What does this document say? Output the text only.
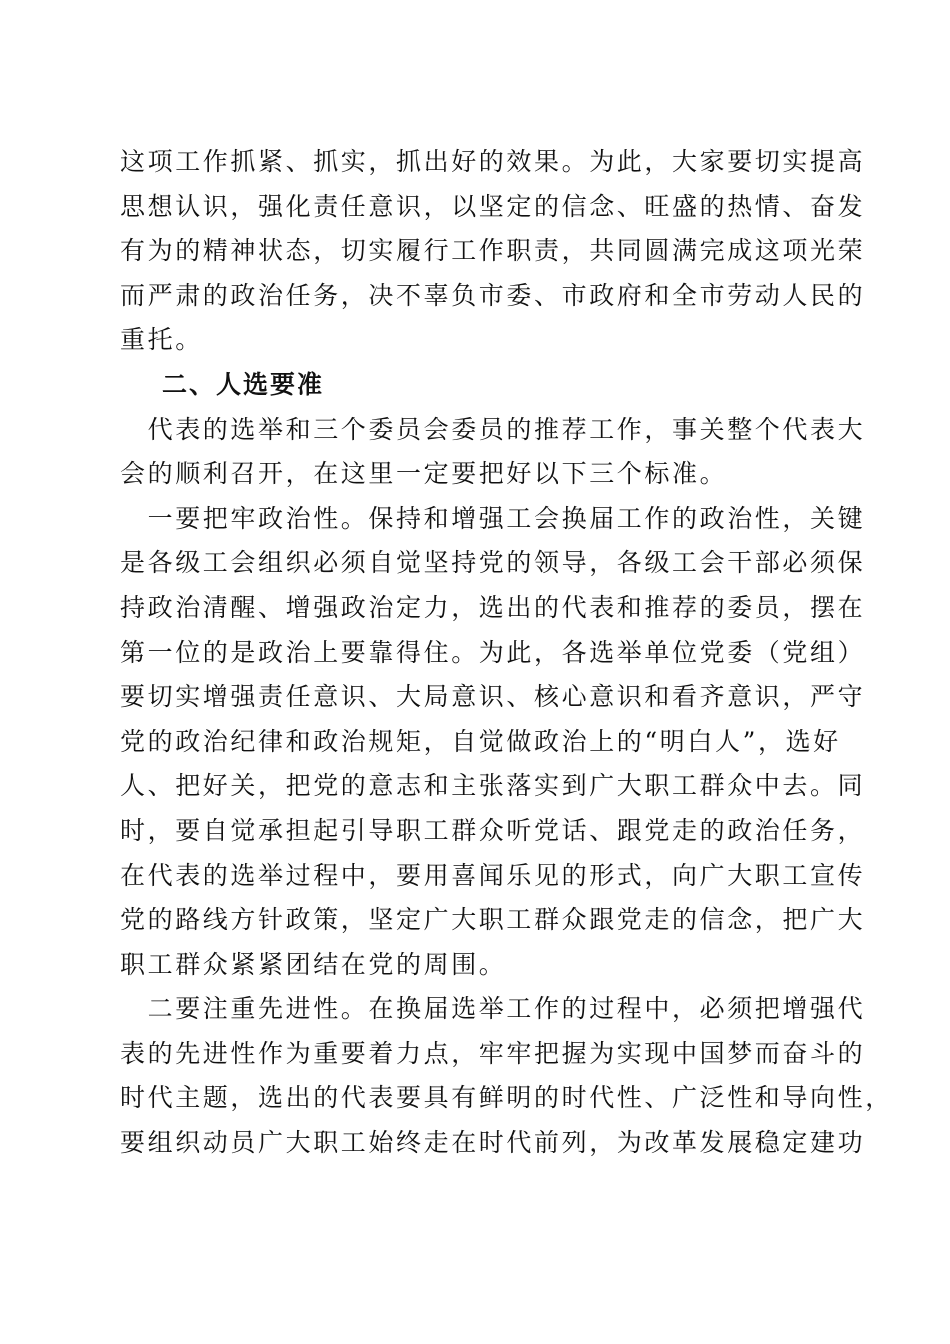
这项工作抓紧、抓实，抓出好的效果。为此，大家要切实提高
思想认识，强化责任意识，以坚定的信念、旺盛的热情、奋发
有为的精神状态，切实履行工作职责，共同圆满完成这项光荣
而严肃的政治任务，决不辜负市委、市政府和全市劳动人民的
重托。
二、人选要准
　代表的选举和三个委员会委员的推荐工作，事关整个代表大
会的顺利召开，在这里一定要把好以下三个标准。
　一要把牢政治性。保持和增强工会换届工作的政治性，关键
是各级工会组织必须自觉坚持党的领导，各级工会干部必须保
持政治清醒、增强政治定力，选出的代表和推荐的委员，摆在
第一位的是政治上要靠得住。为此，各选举单位党委（党组）
要切实增强责任意识、大局意识、核心意识和看齐意识，严守
党的政治纪律和政治规矩，自觉做政治上的“明白人”，选好
人、把好关，把党的意志和主张落实到广大职工群众中去。同
时，要自觉承担起引导职工群众听党话、跟党走的政治任务，
在代表的选举过程中，要用喜闻乐见的形式，向广大职工宣传
党的路线方针政策，坚定广大职工群众跟党走的信念，把广大
职工群众紧紧团结在党的周围。
　二要注重先进性。在换届选举工作的过程中，必须把增强代
表的先进性作为重要着力点，牢牢把握为实现中国梦而奋斗的
时代主题，选出的代表要具有鲜明的时代性、广泛性和导向性，
要组织动员广大职工始终走在时代前列，为改革发展稳定建功
